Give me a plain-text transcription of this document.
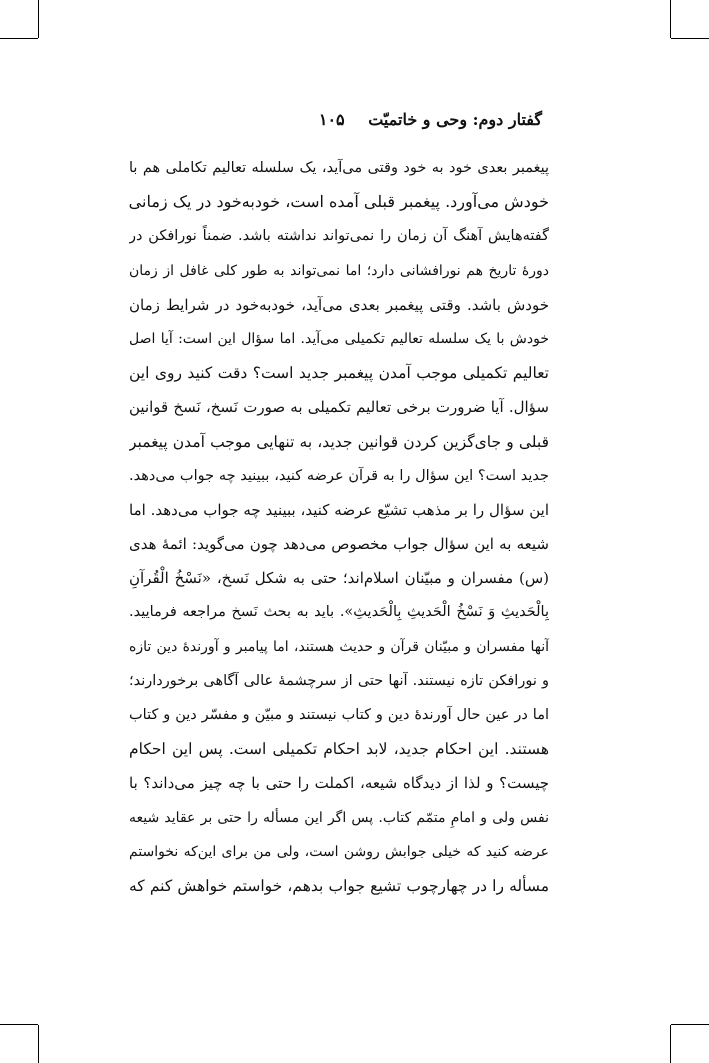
گفتار دوم: وحی و خاتمیّت ۱۰۵
پیغمبر بعدی خود به خود وقتی می‌آید، یک سلسله تعالیم تکاملی هم با
خودش می‌آورد. پیغمبر قبلی آمده است، خودبه‌خود در یک زمانی
گفته‌هایش آهنگ آن زمان را نمی‌تواند نداشته باشد. ضمناً نورافکن در
دورهٔ تاریخ هم نورافشانی دارد؛ اما نمی‌تواند به طور کلی غافل از زمان
خودش باشد. وقتی پیغمبر بعدی می‌آید، خودبه‌خود در شرایط زمان
خودش با یک سلسله تعالیم تکمیلی می‌آید. اما سؤال این است: آیا اصل
تعالیم تکمیلی موجب آمدن پیغمبر جدید است؟ دقت کنید روی این
سؤال. آیا ضرورت برخی تعالیم تکمیلی به صورت نَسخ، نَسخ قوانین
قبلی و جای‌گزین کردن قوانین جدید، به تنهایی موجب آمدن پیغمبر
جدید است؟ این سؤال را به قرآن عرضه کنید، ببینید چه جواب می‌دهد.
این سؤال را بر مذهب تشیّع عرضه کنید، ببینید چه جواب می‌دهد. اما
شیعه به این سؤال جواب مخصوص می‌دهد چون می‌گوید: ائمهٔ هدی
(س) مفسران و مبیّنان اسلام‌اند؛ حتی به شکل نَسخ، «نَسْخُ الْقُرآنِ
بِالْحَدیثِ وَ نَسْخُ الْحَدیثِ بِالْحَدیثِ». باید به بحث نَسخ مراجعه فرمایید.
آنها مفسران و مبیّنان قرآن و حدیث هستند، اما پیامبر و آورندهٔ دین تازه
و نورافکن تازه نیستند. آنها حتی از سرچشمهٔ عالی آگاهی برخوردارند؛
اما در عین حال آورندهٔ دین و کتاب نیستند و مبیّن و مفسّر دین و کتاب
هستند. این احکام جدید، لابد احکام تکمیلی است. پس این احکام
چیست؟ و لذا از دیدگاه شیعه، اکملت را حتی با چه چیز می‌داند؟ با
نفس ولی و امامِ متمّم کتاب. پس اگر این مسأله را حتی بر عقاید شیعه
عرضه کنید که خیلی جوابش روشن است، ولی من برای این‌که نخواستم
مسأله را در چهارچوب تشیع جواب بدهم، خواستم خواهش کنم که
